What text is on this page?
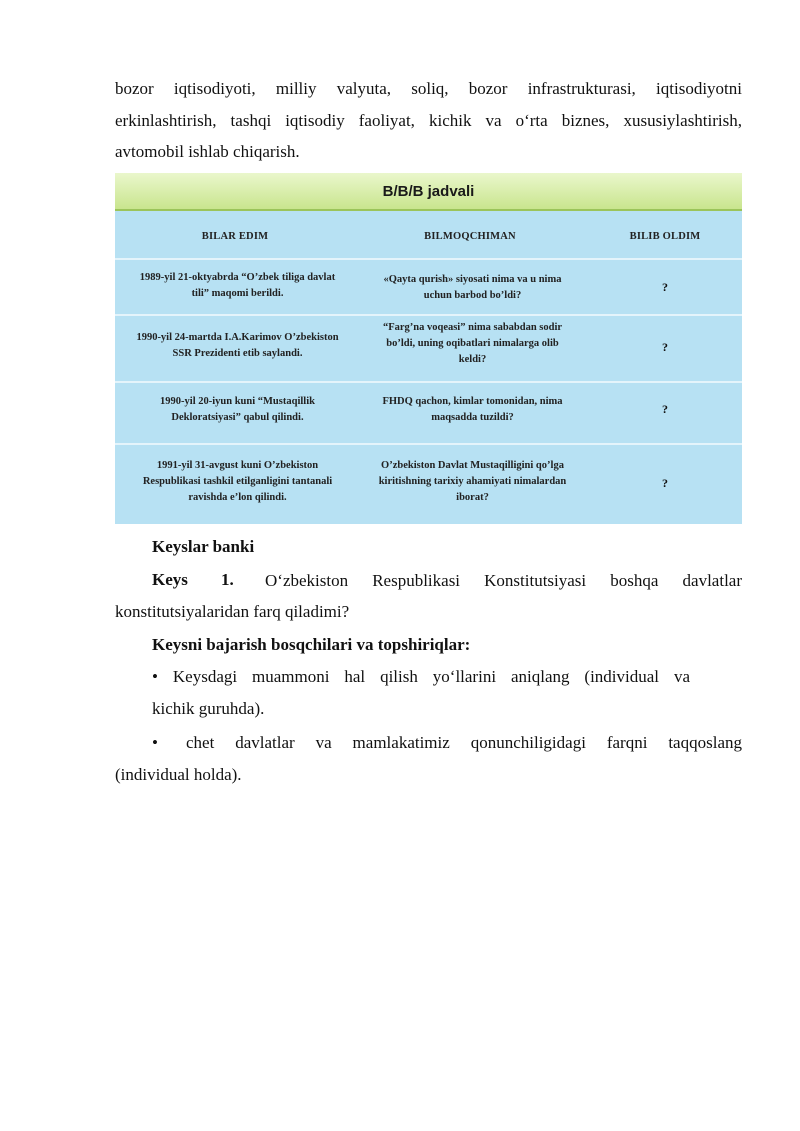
bozor iqtisodiyoti, milliy valyuta, soliq, bozor infrastrukturasi, iqtisodiyotni
erkinlashtirish, tashqi iqtisodiy faoliyat, kichik va o‘rta biznes, xususiylashtirish,
avtomobil ishlab chiqarish.
B/B/B jadvali
BILAR EDIM	BILMOQCHIMAN	BILIB OLDIM
1989-yil 21-oktyabrda “O’zbek tiliga davlat
tili” maqomi berildi.
«Qayta qurish» siyosati nima va u nima
uchun barbod bo’ldi?
?
1990-yil 24-martda I.A.Karimov O’zbekiston
SSR Prezidenti etib saylandi.
“Farg’na voqeasi” nima sababdan sodir
bo’ldi, uning oqibatlari nimalarga olib
keldi?
?
1990-yil 20-iyun kuni “Mustaqillik
Dekloratsiyasi” qabul qilindi.
FHDQ qachon, kimlar tomonidan, nima
maqsadda tuzildi?
?
1991-yil 31-avgust kuni O’zbekiston
Respublikasi tashkil etilganligini tantanali
ravishda e’lon qilindi.
O’zbekiston Davlat Mustaqilligini qo’lga
kiritishning tarixiy ahamiyati nimalardan
iborat?
?
Keyslar banki
Keys 1. O‘zbekiston Respublikasi Konstitutsiyasi boshqa davlatlar
konstitutsiyalaridan farq qiladimi?
Keysni bajarish bosqchilari va topshiriqlar:
• Keysdagi muammoni hal qilish yo‘llarini aniqlang (individual va
kichik guruhda).
• chet davlatlar va mamlakatimiz qonunchiligidagi farqni taqqoslang
(individual holda).
